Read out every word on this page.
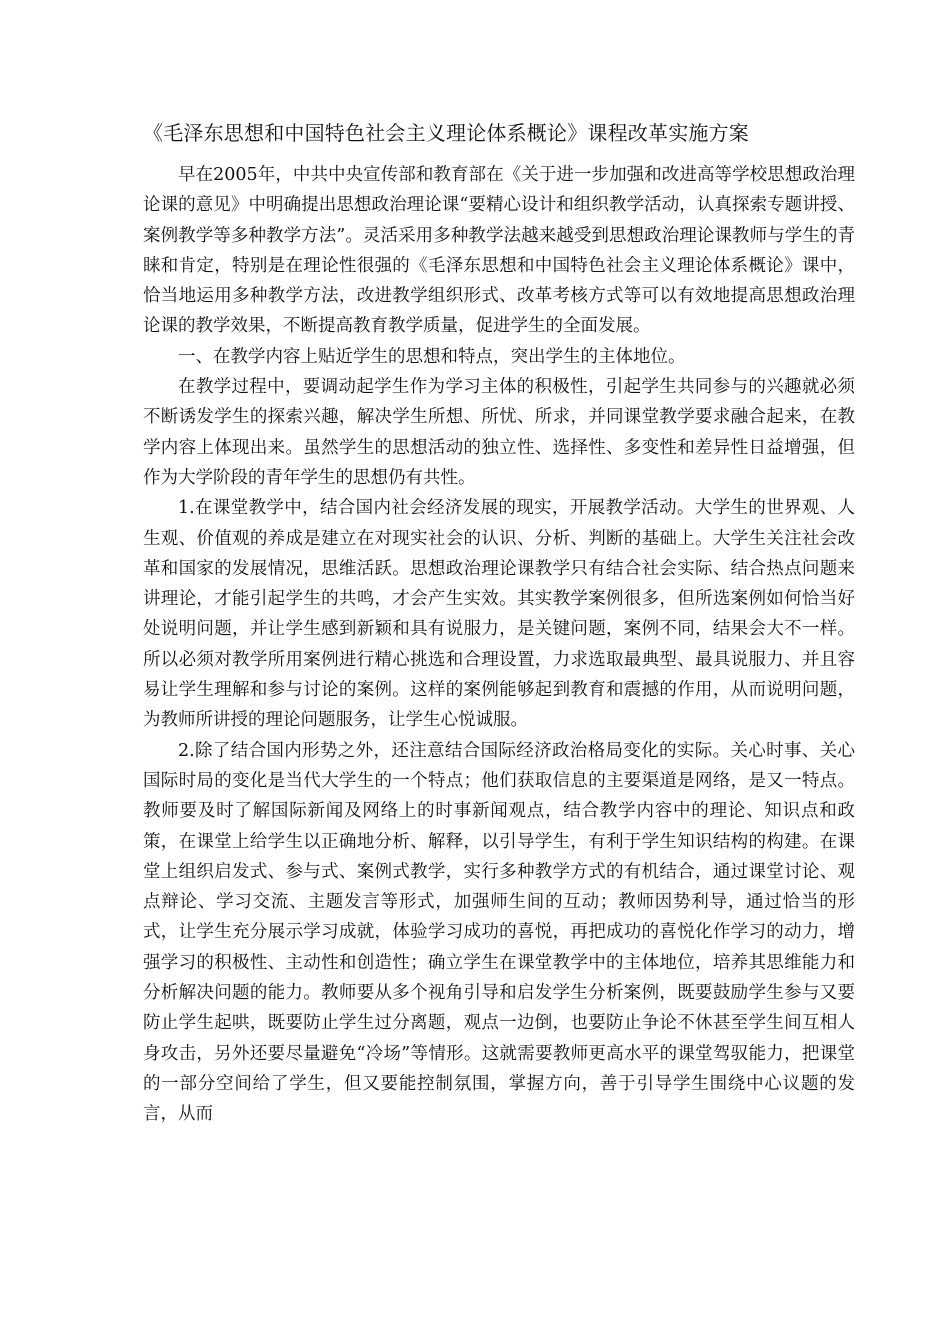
《毛泽东思想和中国特色社会主义理论体系概论》课程改革实施方案

早在2005年，中共中央宣传部和教育部在《关于进一步加强和改进高等学校思想政治理论课的意见》中明确提出思想政治理论课“要精心设计和组织教学活动，认真探索专题讲授、案例教学等多种教学方法”。灵活采用多种教学法越来越受到思想政治理论课教师与学生的青睐和肯定，特别是在理论性很强的《毛泽东思想和中国特色社会主义理论体系概论》课中，恰当地运用多种教学方法，改进教学组织形式、改革考核方式等可以有效地提高思想政治理论课的教学效果，不断提高教育教学质量，促进学生的全面发展。

一、在教学内容上贴近学生的思想和特点，突出学生的主体地位。

在教学过程中，要调动起学生作为学习主体的积极性，引起学生共同参与的兴趣就必须不断诱发学生的探索兴趣，解决学生所想、所忧、所求，并同课堂教学要求融合起来，在教学内容上体现出来。虽然学生的思想活动的独立性、选择性、多变性和差异性日益增强，但作为大学阶段的青年学生的思想仍有共性。

1.在课堂教学中，结合国内社会经济发展的现实，开展教学活动。大学生的世界观、人生观、价值观的养成是建立在对现实社会的认识、分析、判断的基础上。大学生关注社会改革和国家的发展情况，思维活跃。思想政治理论课教学只有结合社会实际、结合热点问题来讲理论，才能引起学生的共鸣，才会产生实效。其实教学案例很多，但所选案例如何恰当好处说明问题，并让学生感到新颖和具有说服力，是关键问题，案例不同，结果会大不一样。所以必须对教学所用案例进行精心挑选和合理设置，力求选取最典型、最具说服力、并且容易让学生理解和参与讨论的案例。这样的案例能够起到教育和震撼的作用，从而说明问题，为教师所讲授的理论问题服务，让学生心悦诚服。

2.除了结合国内形势之外，还注意结合国际经济政治格局变化的实际。关心时事、关心国际时局的变化是当代大学生的一个特点；他们获取信息的主要渠道是网络，是又一特点。教师要及时了解国际新闻及网络上的时事新闻观点，结合教学内容中的理论、知识点和政策，在课堂上给学生以正确地分析、解释，以引导学生，有利于学生知识结构的构建。在课堂上组织启发式、参与式、案例式教学，实行多种教学方式的有机结合，通过课堂讨论、观点辩论、学习交流、主题发言等形式，加强师生间的互动；教师因势利导，通过恰当的形式，让学生充分展示学习成就，体验学习成功的喜悦，再把成功的喜悦化作学习的动力，增强学习的积极性、主动性和创造性；确立学生在课堂教学中的主体地位，培养其思维能力和分析解决问题的能力。教师要从多个视角引导和启发学生分析案例，既要鼓励学生参与又要防止学生起哄，既要防止学生过分离题，观点一边倒，也要防止争论不休甚至学生间互相人身攻击，另外还要尽量避免“冷场”等情形。这就需要教师更高水平的课堂驾驭能力，把课堂的一部分空间给了学生，但又要能控制氛围，掌握方向，善于引导学生围绕中心议题的发言，从而
